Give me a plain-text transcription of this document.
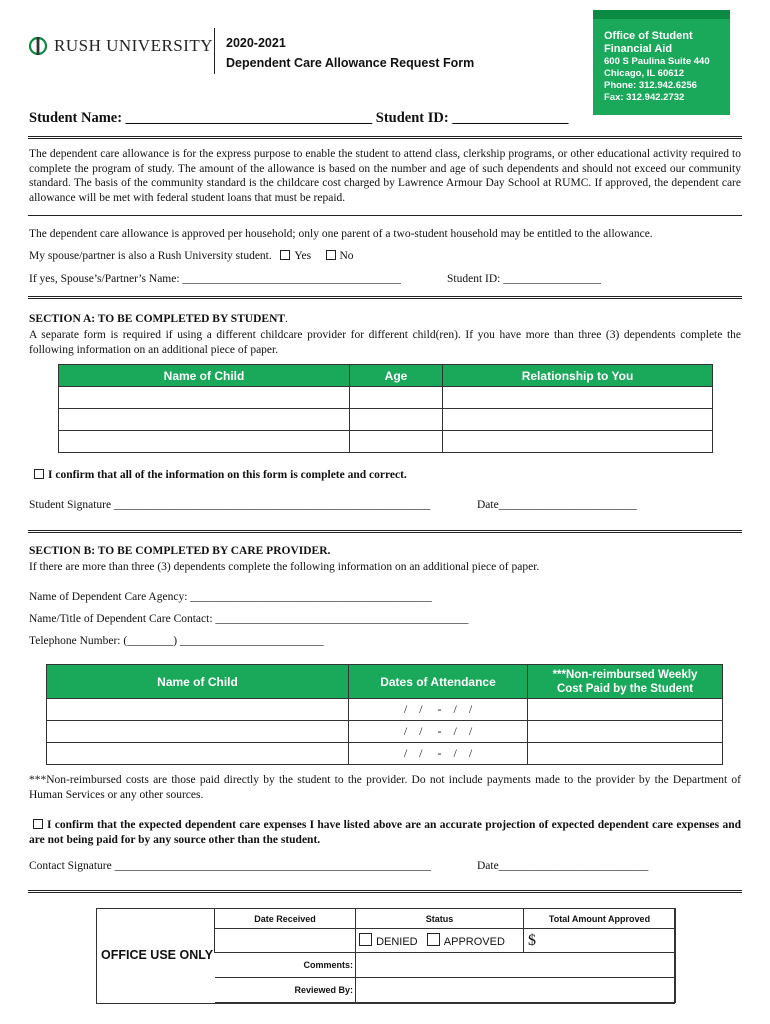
RUSH UNIVERSITY 2020-2021
Dependent Care Allowance Request Form
Office of Student
Financial Aid
600 S Paulina Suite 440
Chicago, IL 60612
Phone: 312.942.6256
Fax: 312.942.2732
Student Name: __________________________________ Student ID: ________________
The dependent care allowance is for the express purpose to enable the student to attend class, clerkship programs, or other educational activity required to complete the program of study. The amount of the allowance is based on the number and age of such dependents and should not exceed our community standard. The basis of the community standard is the childcare cost charged by Lawrence Armour Day School at RUMC. If approved, the dependent care allowance will be met with federal student loans that must be repaid.
The dependent care allowance is approved per household; only one parent of a two-student household may be entitled to the allowance.
My spouse/partner is also a Rush University student. Yes No
If yes, Spouse’s/Partner’s Name: ______________________________________	Student ID: _________________
SECTION A: TO BE COMPLETED BY STUDENT.
A separate form is required if using a different childcare provider for different child(ren). If you have more than three (3) dependents complete the following information on an additional piece of paper.
Name of Child	Age	Relationship to You

I confirm that all of the information on this form is complete and correct.
Student Signature _______________________________________________________	Date________________________
SECTION B: TO BE COMPLETED BY CARE PROVIDER.
If there are more than three (3) dependents complete the following information on an additional piece of paper.
Name of Dependent Care Agency: __________________________________________
Name/Title of Dependent Care Contact: ____________________________________________
Telephone Number: (________) _________________________
Name of Child	Dates of Attendance	***Non-reimbursed Weekly
Cost Paid by the Student

	/    /     -    /    /	
	/    /     -    /    /	
	/    /     -    /    /	
***Non-reimbursed costs are those paid directly by the student to the provider. Do not include payments made to the provider by the Department of Human Services or any other sources.
I confirm that the expected dependent care expenses I have listed above are an accurate projection of expected dependent care expenses and are not being paid for by any source other than the student.
Contact Signature _______________________________________________________	Date__________________________
OFFICE USE ONLY
Date Received	Status	Total Amount Approved
	DENIED APPROVED	$
Comments:		
Reviewed By:		
